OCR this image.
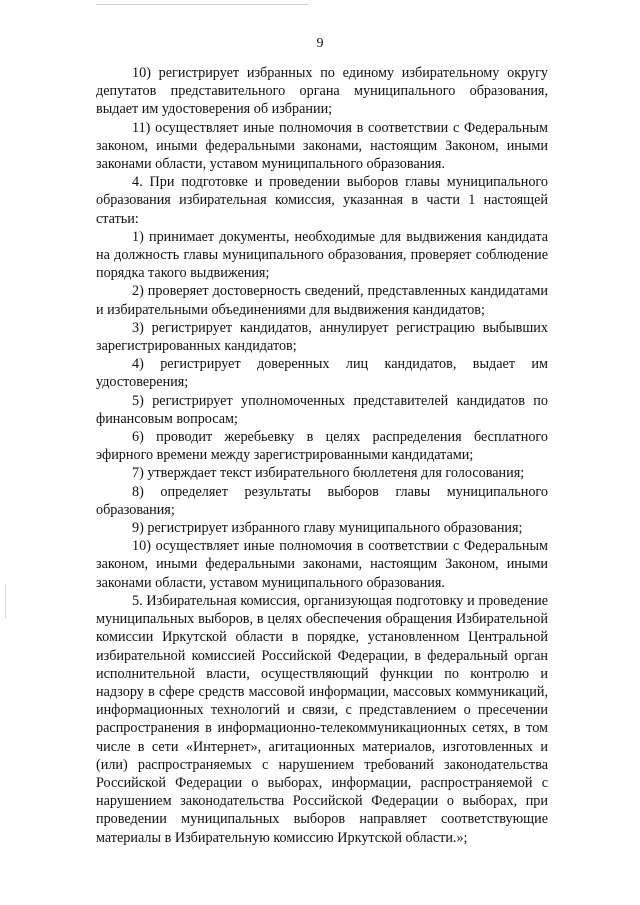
9

10) регистрирует избранных по единому избирательному округу депутатов представительного органа муниципального образования, выдает им удостоверения об избрании;

11) осуществляет иные полномочия в соответствии с Федеральным законом, иными федеральными законами, настоящим Законом, иными законами области, уставом муниципального образования.

4. При подготовке и проведении выборов главы муниципального образования избирательная комиссия, указанная в части 1 настоящей статьи:

1) принимает документы, необходимые для выдвижения кандидата на должность главы муниципального образования, проверяет соблюдение порядка такого выдвижения;

2) проверяет достоверность сведений, представленных кандидатами и избирательными объединениями для выдвижения кандидатов;

3) регистрирует кандидатов, аннулирует регистрацию выбывших зарегистрированных кандидатов;

4) регистрирует доверенных лиц кандидатов, выдает им удостоверения;

5) регистрирует уполномоченных представителей кандидатов по финансовым вопросам;

6) проводит жеребьевку в целях распределения бесплатного эфирного времени между зарегистрированными кандидатами;

7) утверждает текст избирательного бюллетеня для голосования;

8) определяет результаты выборов главы муниципального образования;

9) регистрирует избранного главу муниципального образования;

10) осуществляет иные полномочия в соответствии с Федеральным законом, иными федеральными законами, настоящим Законом, иными законами области, уставом муниципального образования.

5. Избирательная комиссия, организующая подготовку и проведение муниципальных выборов, в целях обеспечения обращения Избирательной комиссии Иркутской области в порядке, установленном Центральной избирательной комиссией Российской Федерации, в федеральный орган исполнительной власти, осуществляющий функции по контролю и надзору в сфере средств массовой информации, массовых коммуникаций, информационных технологий и связи, с представлением о пресечении распространения в информационно-телекоммуникационных сетях, в том числе в сети «Интернет», агитационных материалов, изготовленных и (или) распространяемых с нарушением требований законодательства Российской Федерации о выборах, информации, распространяемой с нарушением законодательства Российской Федерации о выборах, при проведении муниципальных выборов направляет соответствующие материалы в Избирательную комиссию Иркутской области.»;
